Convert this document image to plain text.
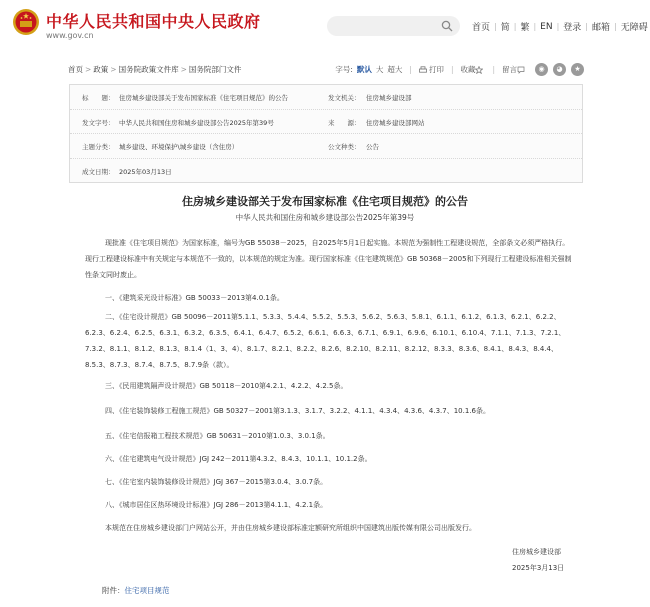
中华人民共和国中央人民政府
www.gov.cn
首页 | 简 | 繁 | EN | 登录 | 邮箱 | 无障碍
首页 > 政策 > 国务院政策文件库 > 国务院部门文件	字号: 默认 大 超大 |	打印 | 收藏	| 留言	◉	◕	★
标　　题： 住房城乡建设部关于发布国家标准《住宅项目规范》的公告	发文机关： 住房城乡建设部
发文字号： 中华人民共和国住房和城乡建设部公告2025年第39号	来　　源： 住房城乡建设部网站
主题分类： 城乡建设、环境保护\城乡建设（含住房）	公文种类： 公告
成文日期： 2025年03月13日
住房城乡建设部关于发布国家标准《住宅项目规范》的公告
中华人民共和国住房和城乡建设部公告2025年第39号
现批准《住宅项目规范》为国家标准，编号为GB 55038－2025，自2025年5月1日起实施。本规范为强制性工程建设规范，全部条文必须严格执行。现行工程建设标准中有关规定与本规范不一致的，以本规范的规定为准。现行国家标准《住宅建筑规范》GB 50368－2005和下列现行工程建设标准相关强制性条文同时废止。
一、《建筑采光设计标准》GB 50033－2013第4.0.1条。
二、《住宅设计规范》GB 50096－2011第5.1.1、5.3.3、5.4.4、5.5.2、5.5.3、5.6.2、5.6.3、5.8.1、6.1.1、6.1.2、6.1.3、6.2.1、6.2.2、6.2.3、6.2.4、6.2.5、6.3.1、6.3.2、6.3.5、6.4.1、6.4.7、6.5.2、6.6.1、6.6.3、6.7.1、6.9.1、6.9.6、6.10.1、6.10.4、7.1.1、7.1.3、7.2.1、7.3.2、8.1.1、8.1.2、8.1.3、8.1.4（1、3、4）、8.1.7、8.2.1、8.2.2、8.2.6、8.2.10、8.2.11、8.2.12、8.3.3、8.3.6、8.4.1、8.4.3、8.4.4、8.5.3、8.7.3、8.7.4、8.7.5、8.7.9条（款）。
三、《民用建筑隔声设计规范》GB 50118－2010第4.2.1、4.2.2、4.2.5条。
四、《住宅装饰装修工程施工规范》GB 50327－2001第3.1.3、3.1.7、3.2.2、4.1.1、4.3.4、4.3.6、4.3.7、10.1.6条。
五、《住宅信报箱工程技术规范》GB 50631－2010第1.0.3、3.0.1条。
六、《住宅建筑电气设计规范》JGJ 242－2011第4.3.2、8.4.3、10.1.1、10.1.2条。
七、《住宅室内装饰装修设计规范》JGJ 367－2015第3.0.4、3.0.7条。
八、《城市居住区热环境设计标准》JGJ 286－2013第4.1.1、4.2.1条。
本规范在住房城乡建设部门户网站公开，并由住房城乡建设部标准定额研究所组织中国建筑出版传媒有限公司出版发行。
住房城乡建设部
2025年3月13日
附件：住宅项目规范
